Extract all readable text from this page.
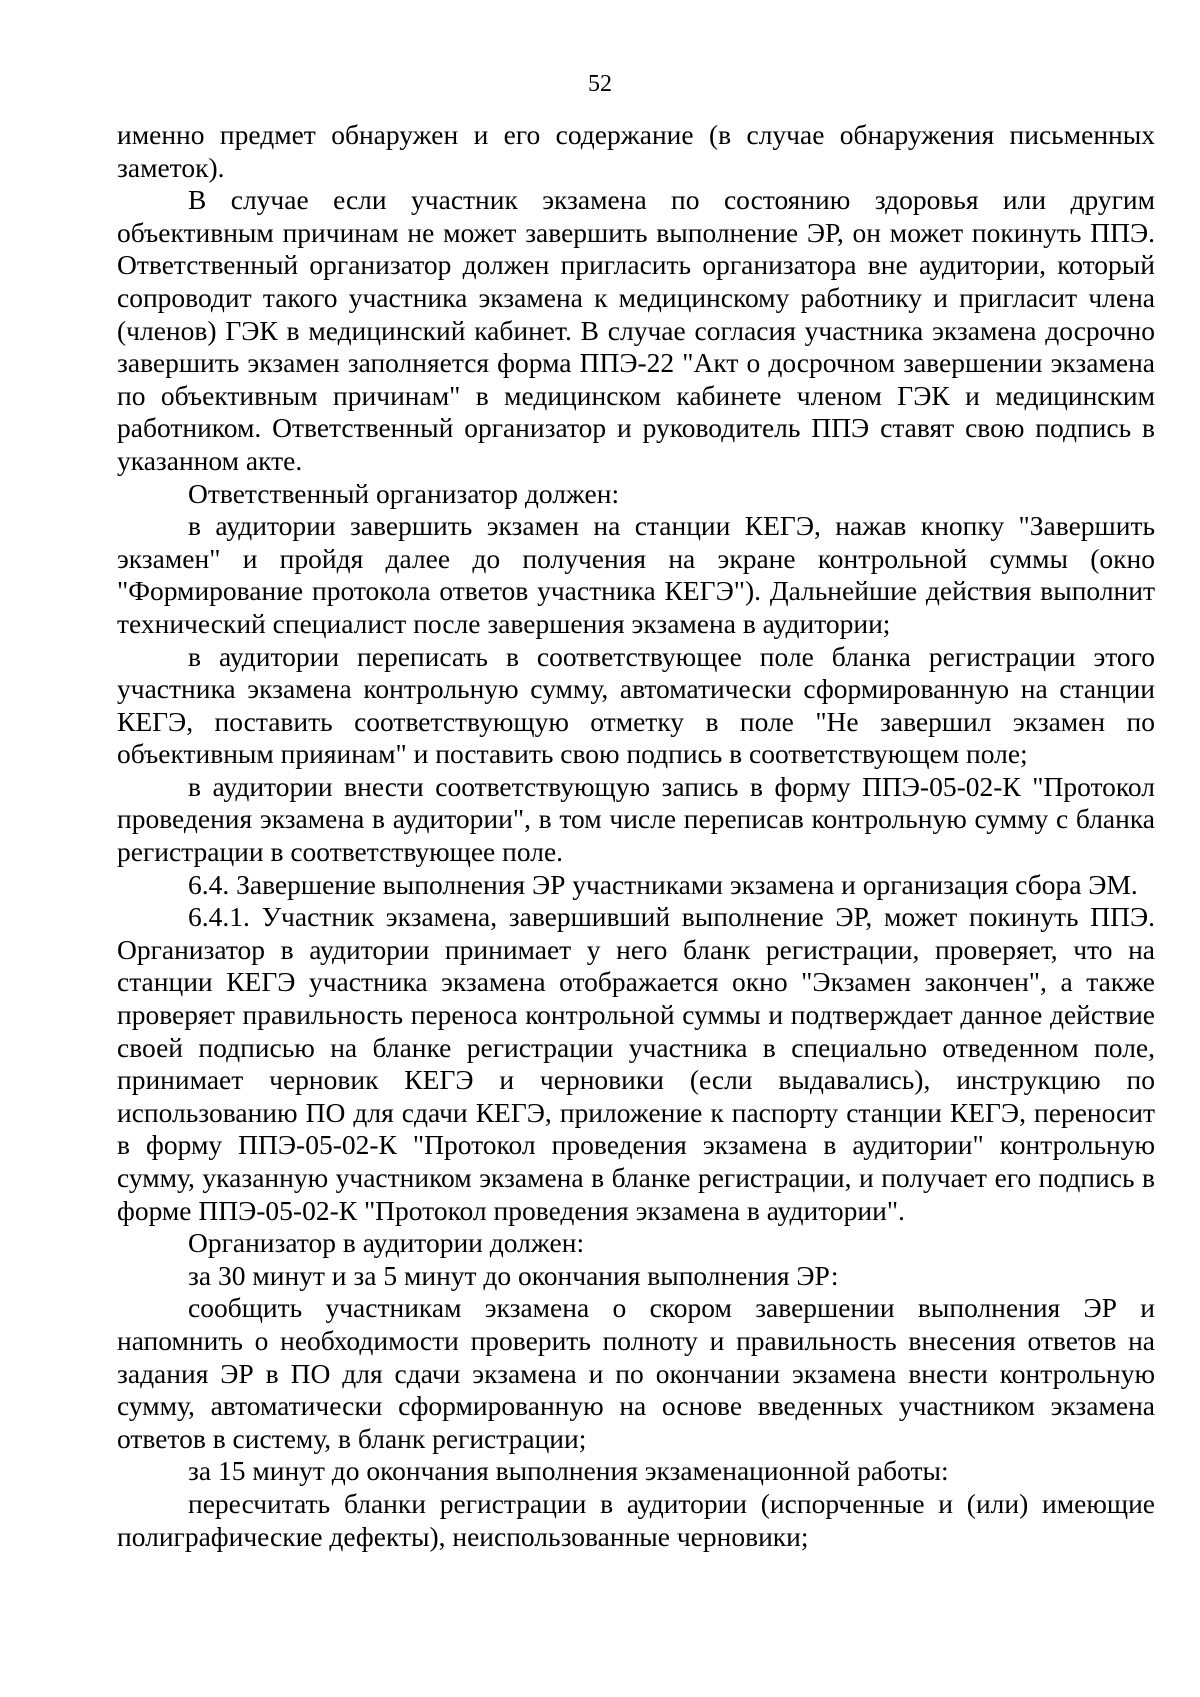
52

именно предмет обнаружен и его содержание (в случае обнаружения письменных заметок).

В случае если участник экзамена по состоянию здоровья или другим объективным причинам не может завершить выполнение ЭР, он может покинуть ППЭ. Ответственный организатор должен пригласить организатора вне аудитории, который сопроводит такого участника экзамена к медицинскому работнику и пригласит члена (членов) ГЭК в медицинский кабинет. В случае согласия участника экзамена досрочно завершить экзамен заполняется форма ППЭ-22 "Акт о досрочном завершении экзамена по объективным причинам" в медицинском кабинете членом ГЭК и медицинским работником. Ответственный организатор и руководитель ППЭ ставят свою подпись в указанном акте.

Ответственный организатор должен:

в аудитории завершить экзамен на станции КЕГЭ, нажав кнопку "Завершить экзамен" и пройдя далее до получения на экране контрольной суммы (окно "Формирование протокола ответов участника КЕГЭ"). Дальнейшие действия выполнит технический специалист после завершения экзамена в аудитории;

в аудитории переписать в соответствующее поле бланка регистрации этого участника экзамена контрольную сумму, автоматически сформированную на станции КЕГЭ, поставить соответствующую отметку в поле "Не завершил экзамен по объективным прияинам" и поставить свою подпись в соответствующем поле;

в аудитории внести соответствующую запись в форму ППЭ-05-02-К "Протокол проведения экзамена в аудитории", в том числе переписав контрольную сумму с бланка регистрации в соответствующее поле.

6.4. Завершение выполнения ЭР участниками экзамена и организация сбора ЭМ.

6.4.1. Участник экзамена, завершивший выполнение ЭР, может покинуть ППЭ. Организатор в аудитории принимает у него бланк регистрации, проверяет, что на станции КЕГЭ участника экзамена отображается окно "Экзамен закончен", а также проверяет правильность переноса контрольной суммы и подтверждает данное действие своей подписью на бланке регистрации участника в специально отведенном поле, принимает черновик КЕГЭ и черновики (если выдавались), инструкцию по использованию ПО для сдачи КЕГЭ, приложение к паспорту станции КЕГЭ, переносит в форму ППЭ-05-02-К "Протокол проведения экзамена в аудитории" контрольную сумму, указанную участником экзамена в бланке регистрации, и получает его подпись в форме ППЭ-05-02-К "Протокол проведения экзамена в аудитории".

Организатор в аудитории должен:

за 30 минут и за 5 минут до окончания выполнения ЭР:

сообщить участникам экзамена о скором завершении выполнения ЭР и напомнить о необходимости проверить полноту и правильность внесения ответов на задания ЭР в ПО для сдачи экзамена и по окончании экзамена внести контрольную сумму, автоматически сформированную на основе введенных участником экзамена ответов в систему, в бланк регистрации;

за 15 минут до окончания выполнения экзаменационной работы:

пересчитать бланки регистрации в аудитории (испорченные и (или) имеющие полиграфические дефекты), неиспользованные черновики;
